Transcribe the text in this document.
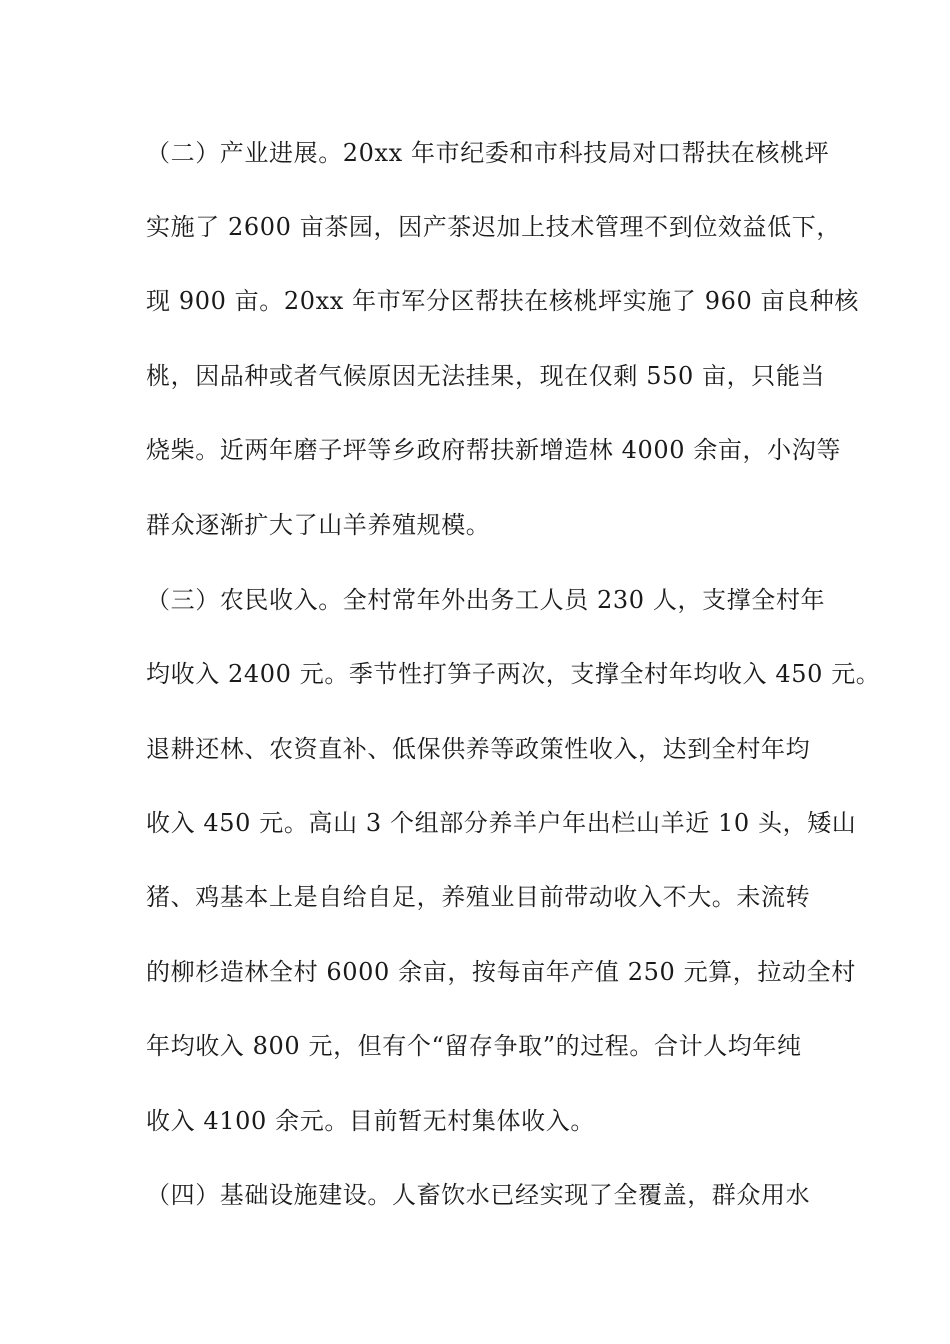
（二）产业进展。20xx 年市纪委和市科技局对口帮扶在核桃坪
实施了 2600 亩茶园，因产茶迟加上技术管理不到位效益低下，
现 900 亩。20xx 年市军分区帮扶在核桃坪实施了 960 亩良种核
桃，因品种或者气候原因无法挂果，现在仅剩 550 亩，只能当
烧柴。近两年磨子坪等乡政府帮扶新增造林 4000 余亩，小沟等
群众逐渐扩大了山羊养殖规模。
（三）农民收入。全村常年外出务工人员 230 人，支撑全村年
均收入 2400 元。季节性打笋子两次，支撑全村年均收入 450 元。
退耕还林、农资直补、低保供养等政策性收入，达到全村年均
收入 450 元。高山 3 个组部分养羊户年出栏山羊近 10 头，矮山
猪、鸡基本上是自给自足，养殖业目前带动收入不大。未流转
的柳杉造林全村 6000 余亩，按每亩年产值 250 元算，拉动全村
年均收入 800 元，但有个“留存争取”的过程。合计人均年纯
收入 4100 余元。目前暂无村集体收入。
（四）基础设施建设。人畜饮水已经实现了全覆盖，群众用水
